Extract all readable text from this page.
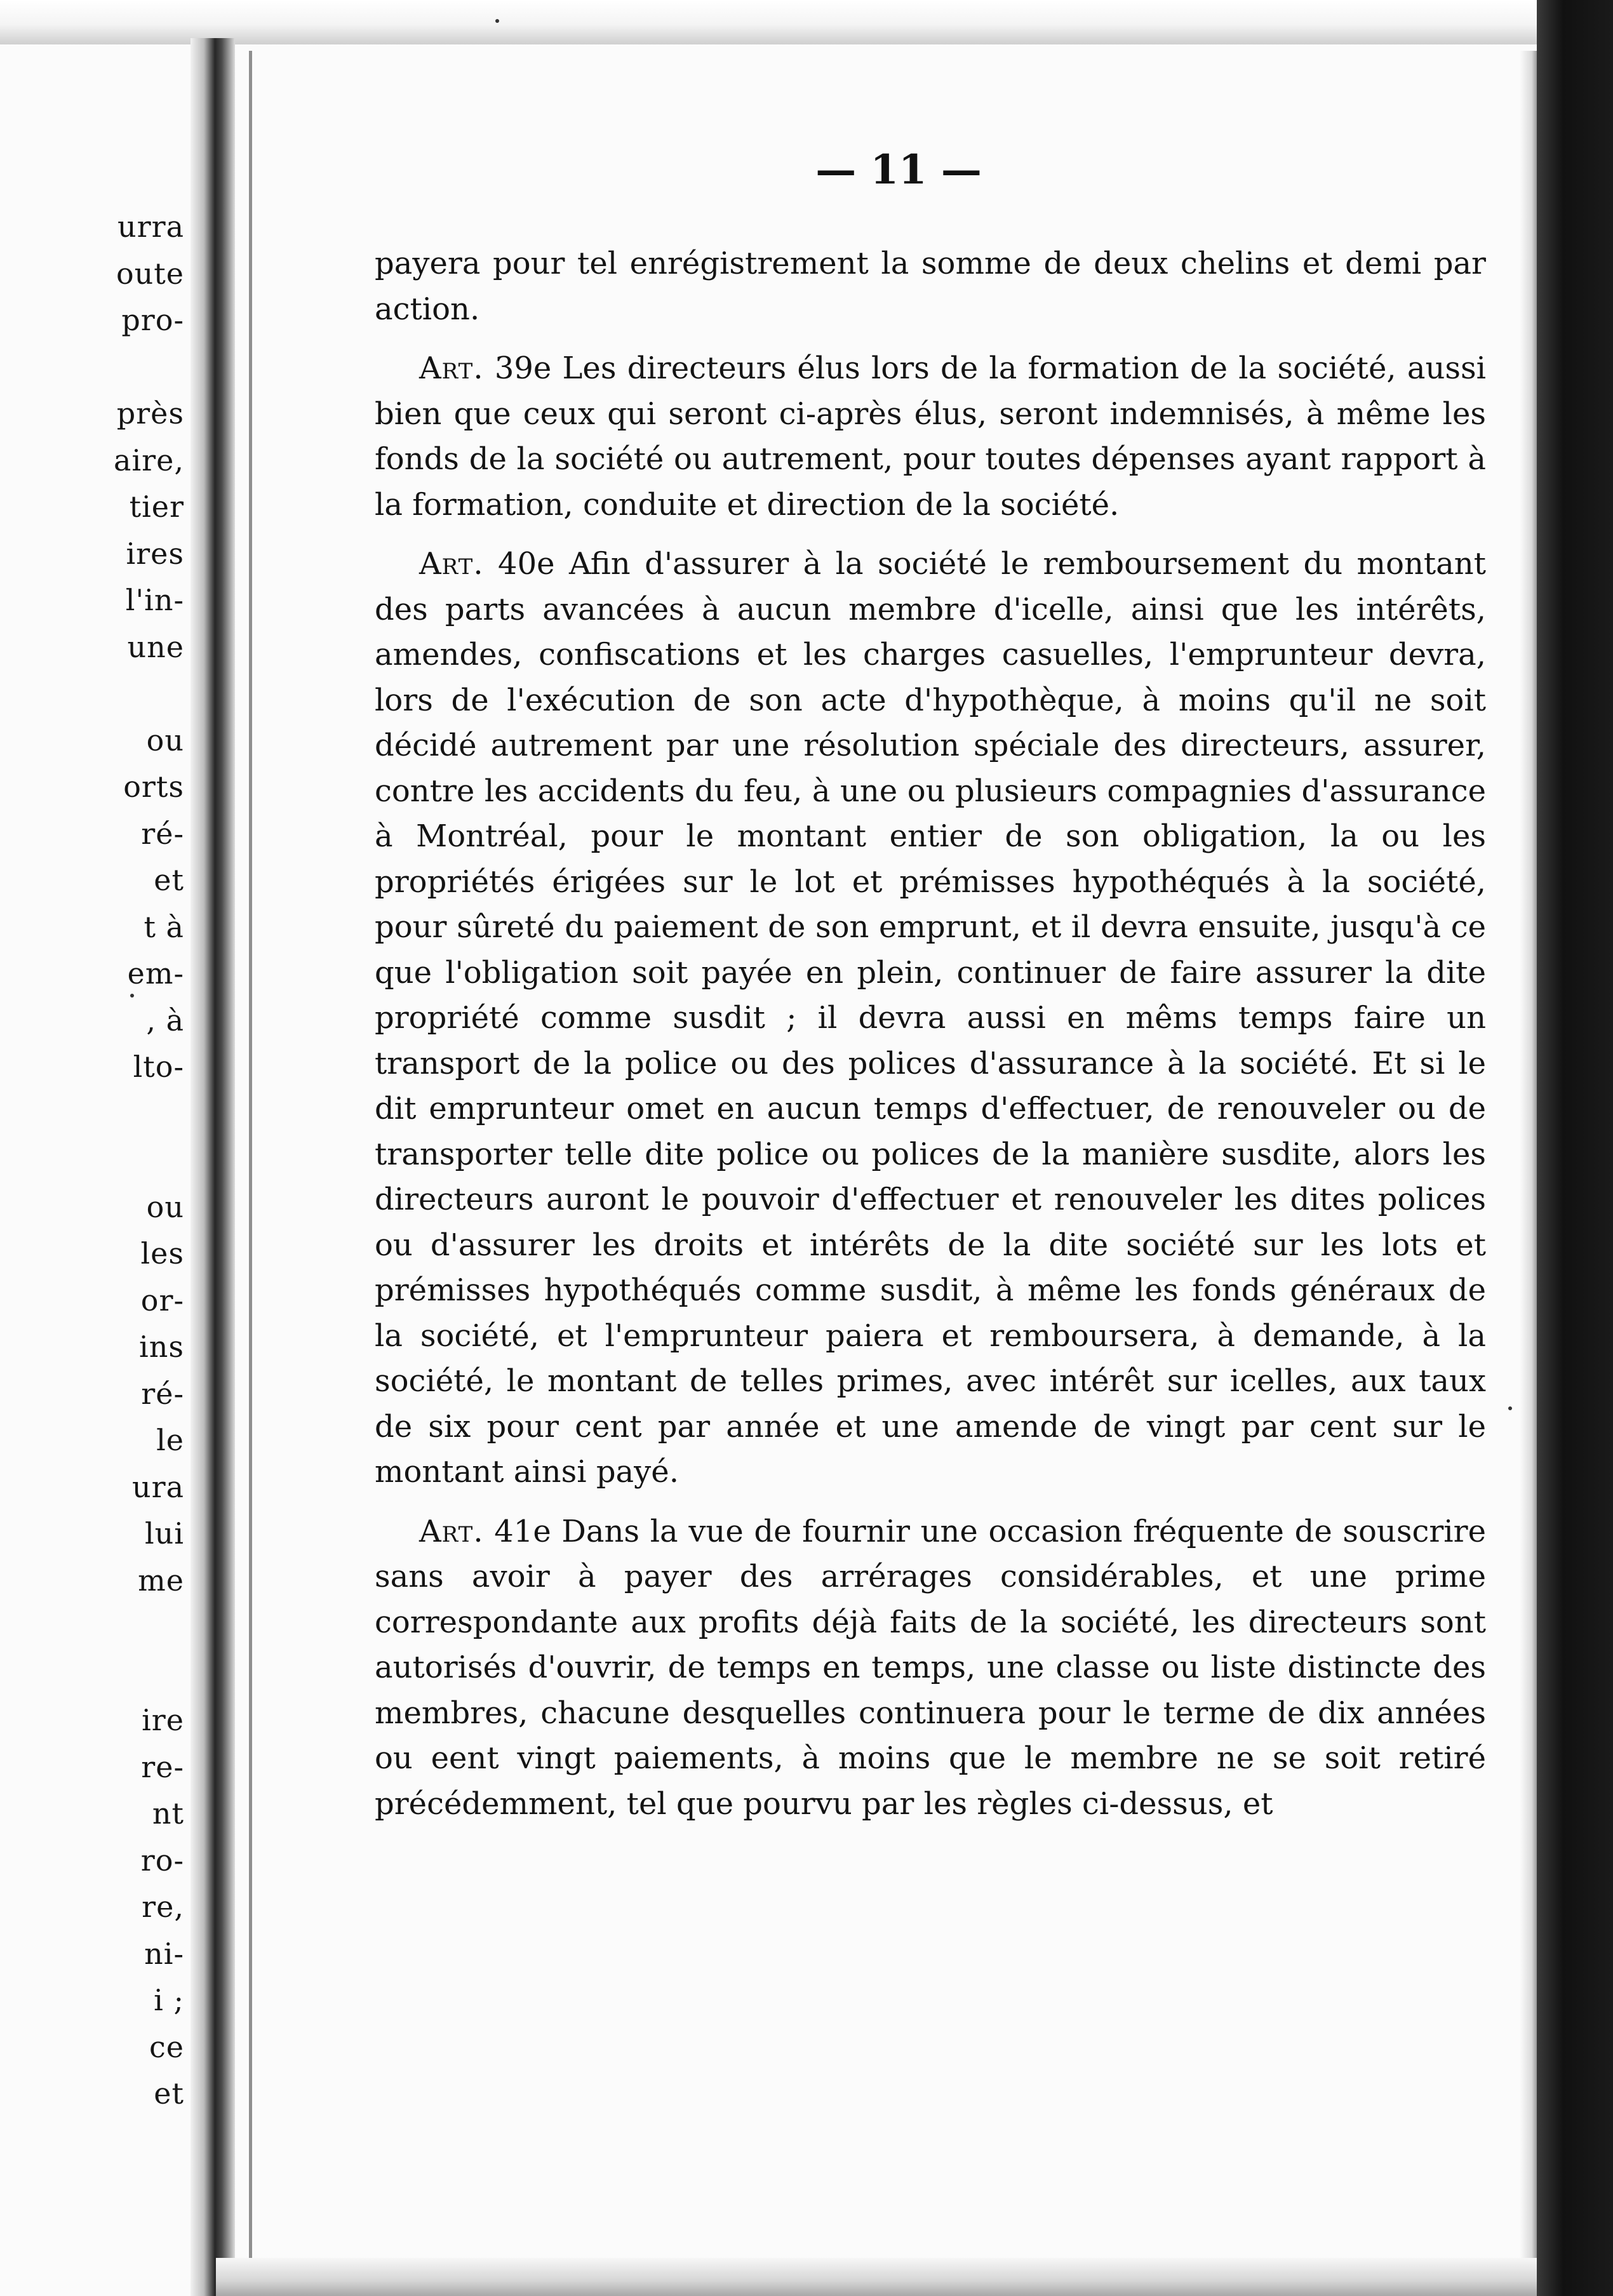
urra
oute
pro-
près
aire,
tier
ires
l'in-
une
ou
orts
ré-
et
t à
em-
, à
lto-
ou
les
or-
ins
ré-
le
ura
lui
me
ire
re-
nt
ro-
re,
ni-
i ;
ce
et
— 11 —

payera pour tel enrégistrement la somme de deux chelins et demi par action.

Art. 39e Les directeurs élus lors de la formation de la société, aussi bien que ceux qui seront ci-après élus, seront indemnisés, à même les fonds de la société ou autrement, pour toutes dépenses ayant rapport à la formation, conduite et direction de la société.

Art. 40e Afin d'assurer à la société le remboursement du montant des parts avancées à aucun membre d'icelle, ainsi que les intérêts, amendes, confiscations et les charges casuelles, l'emprunteur devra, lors de l'exécution de son acte d'hypothèque, à moins qu'il ne soit décidé autrement par une résolution spéciale des directeurs, assurer, contre les accidents du feu, à une ou plusieurs compagnies d'assurance à Montréal, pour le montant entier de son obligation, la ou les propriétés érigées sur le lot et prémisses hypothéqués à la société, pour sûreté du paiement de son emprunt, et il devra ensuite, jusqu'à ce que l'obligation soit payée en plein, continuer de faire assurer la dite propriété comme susdit ; il devra aussi en mêms temps faire un transport de la police ou des polices d'assurance à la société. Et si le dit emprunteur omet en aucun temps d'effectuer, de renouveler ou de transporter telle dite police ou polices de la manière susdite, alors les directeurs auront le pouvoir d'effectuer et renouveler les dites polices ou d'assurer les droits et intérêts de la dite société sur les lots et prémisses hypothéqués comme susdit, à même les fonds généraux de la société, et l'emprunteur paiera et remboursera, à demande, à la société, le montant de telles primes, avec intérêt sur icelles, aux taux de six pour cent par année et une amende de vingt par cent sur le montant ainsi payé.

Art. 41e Dans la vue de fournir une occasion fréquente de souscrire sans avoir à payer des arrérages considérables, et une prime correspondante aux profits déjà faits de la société, les directeurs sont autorisés d'ouvrir, de temps en temps, une classe ou liste distincte des membres, chacune desquelles continuera pour le terme de dix années ou eent vingt paiements, à moins que le membre ne se soit retiré précédemment, tel que pourvu par les règles ci-dessus, et
